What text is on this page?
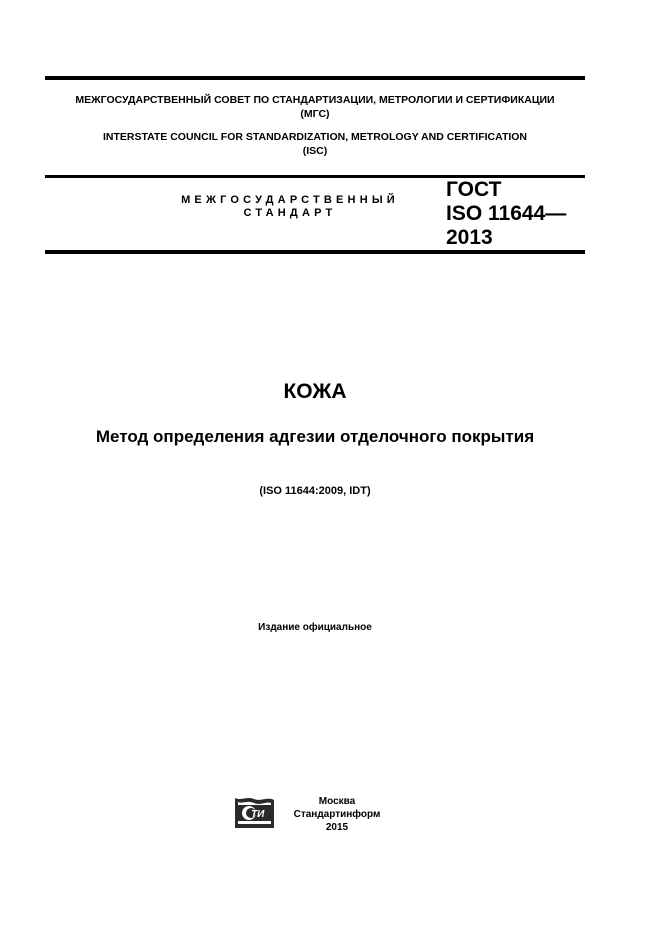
МЕЖГОСУДАРСТВЕННЫЙ СОВЕТ ПО СТАНДАРТИЗАЦИИ, МЕТРОЛОГИИ И СЕРТИФИКАЦИИ
(МГС)
INTERSTATE COUNCIL FOR STANDARDIZATION, METROLOGY AND CERTIFICATION
(ISC)
МЕЖГОСУДАРСТВЕННЫЙ
СТАНДАРТ
ГОСТ
ISO 11644—
2013
КОЖА
Метод определения адгезии отделочного покрытия
(ISO 11644:2009, IDT)
Издание официальное
ТИ
Москва
Стандартинформ
2015
